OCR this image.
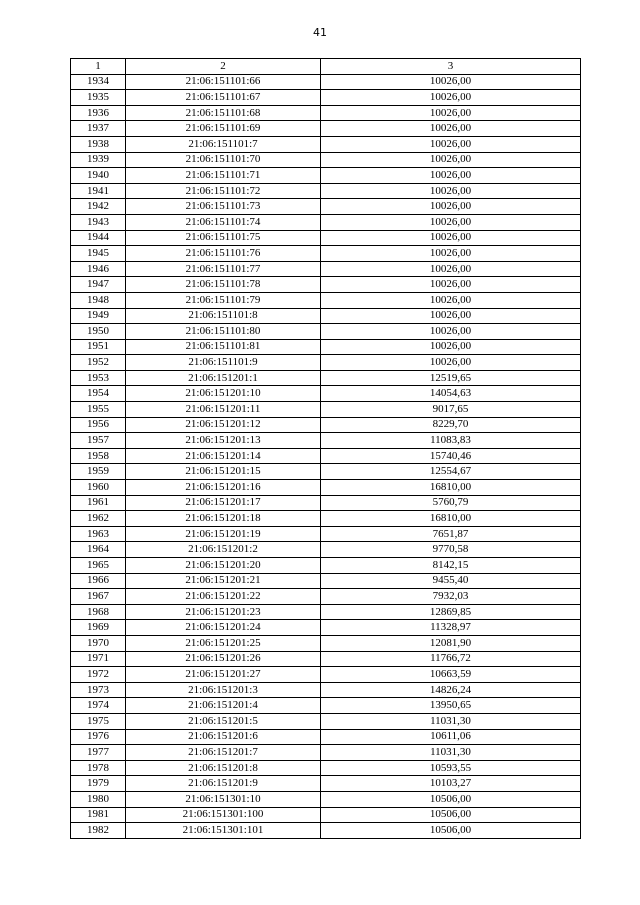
41
1	2	3
1934	21:06:151101:66	10026,00
1935	21:06:151101:67	10026,00
1936	21:06:151101:68	10026,00
1937	21:06:151101:69	10026,00
1938	21:06:151101:7	10026,00
1939	21:06:151101:70	10026,00
1940	21:06:151101:71	10026,00
1941	21:06:151101:72	10026,00
1942	21:06:151101:73	10026,00
1943	21:06:151101:74	10026,00
1944	21:06:151101:75	10026,00
1945	21:06:151101:76	10026,00
1946	21:06:151101:77	10026,00
1947	21:06:151101:78	10026,00
1948	21:06:151101:79	10026,00
1949	21:06:151101:8	10026,00
1950	21:06:151101:80	10026,00
1951	21:06:151101:81	10026,00
1952	21:06:151101:9	10026,00
1953	21:06:151201:1	12519,65
1954	21:06:151201:10	14054,63
1955	21:06:151201:11	9017,65
1956	21:06:151201:12	8229,70
1957	21:06:151201:13	11083,83
1958	21:06:151201:14	15740,46
1959	21:06:151201:15	12554,67
1960	21:06:151201:16	16810,00
1961	21:06:151201:17	5760,79
1962	21:06:151201:18	16810,00
1963	21:06:151201:19	7651,87
1964	21:06:151201:2	9770,58
1965	21:06:151201:20	8142,15
1966	21:06:151201:21	9455,40
1967	21:06:151201:22	7932,03
1968	21:06:151201:23	12869,85
1969	21:06:151201:24	11328,97
1970	21:06:151201:25	12081,90
1971	21:06:151201:26	11766,72
1972	21:06:151201:27	10663,59
1973	21:06:151201:3	14826,24
1974	21:06:151201:4	13950,65
1975	21:06:151201:5	11031,30
1976	21:06:151201:6	10611,06
1977	21:06:151201:7	11031,30
1978	21:06:151201:8	10593,55
1979	21:06:151201:9	10103,27
1980	21:06:151301:10	10506,00
1981	21:06:151301:100	10506,00
1982	21:06:151301:101	10506,00
